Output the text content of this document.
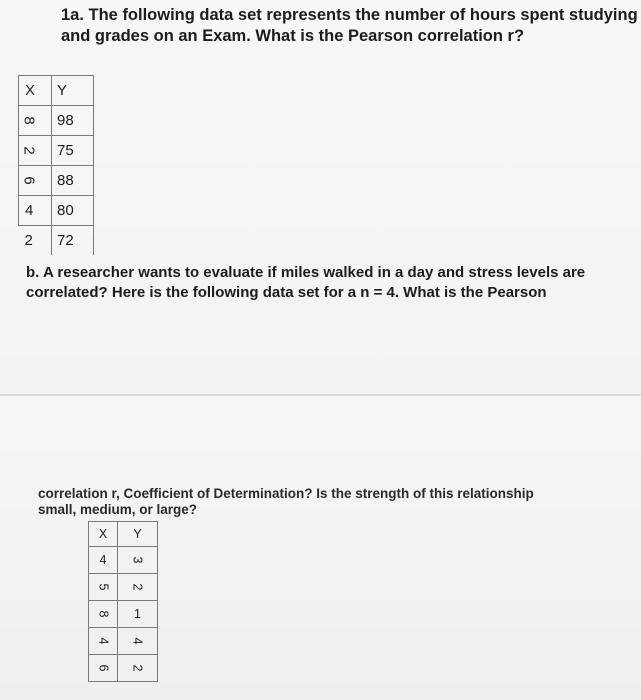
1a. The following data set represents the number of hours spent studying
and grades on an Exam. What is the Pearson correlation r?
X	Y
8	98
2	75
6	88
4	80
2	72
b. A researcher wants to evaluate if miles walked in a day and stress levels are
correlated? Here is the following data set for a n = 4. What is the Pearson
correlation r, Coefficient of Determination? Is the strength of this relationship
small, medium, or large?
X	Y
4	3
5	2
8	1
4	4
6	2
